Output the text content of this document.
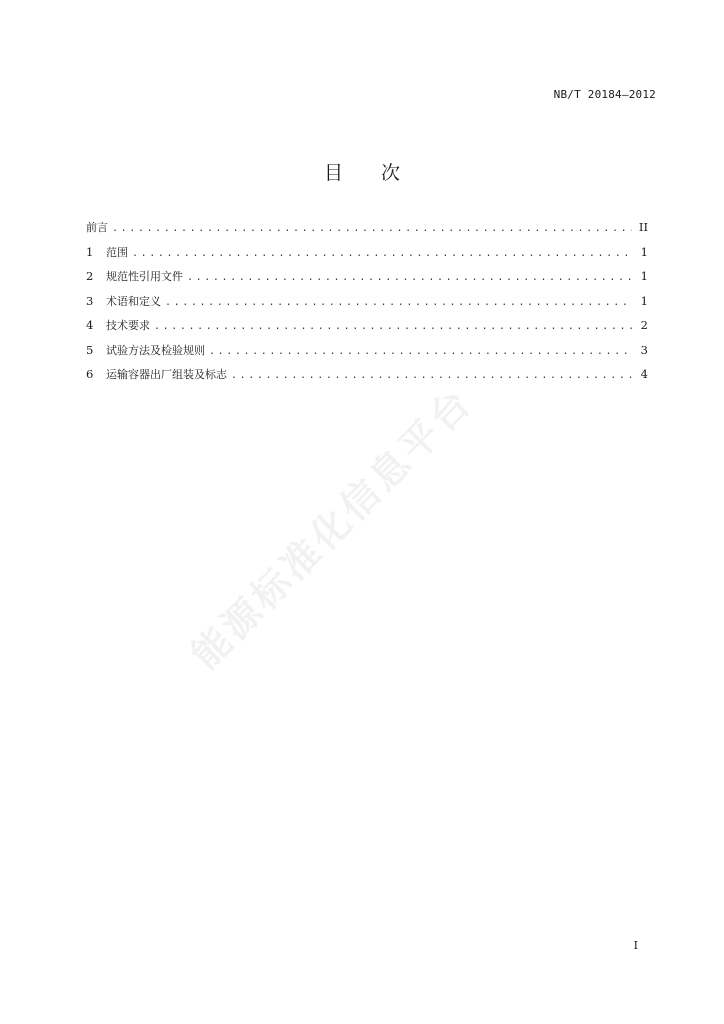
NB/T 20184—2012
目 次
前言 .....	II
1	范围 .....	1
2	规范性引用文件 .....	1
3	术语和定义 .....	1
4	技术要求 .....	2
5	试验方法及检验规则 .....	3
6	运输容器出厂组装及标志 .....	4
能源标准化信息平台
I
